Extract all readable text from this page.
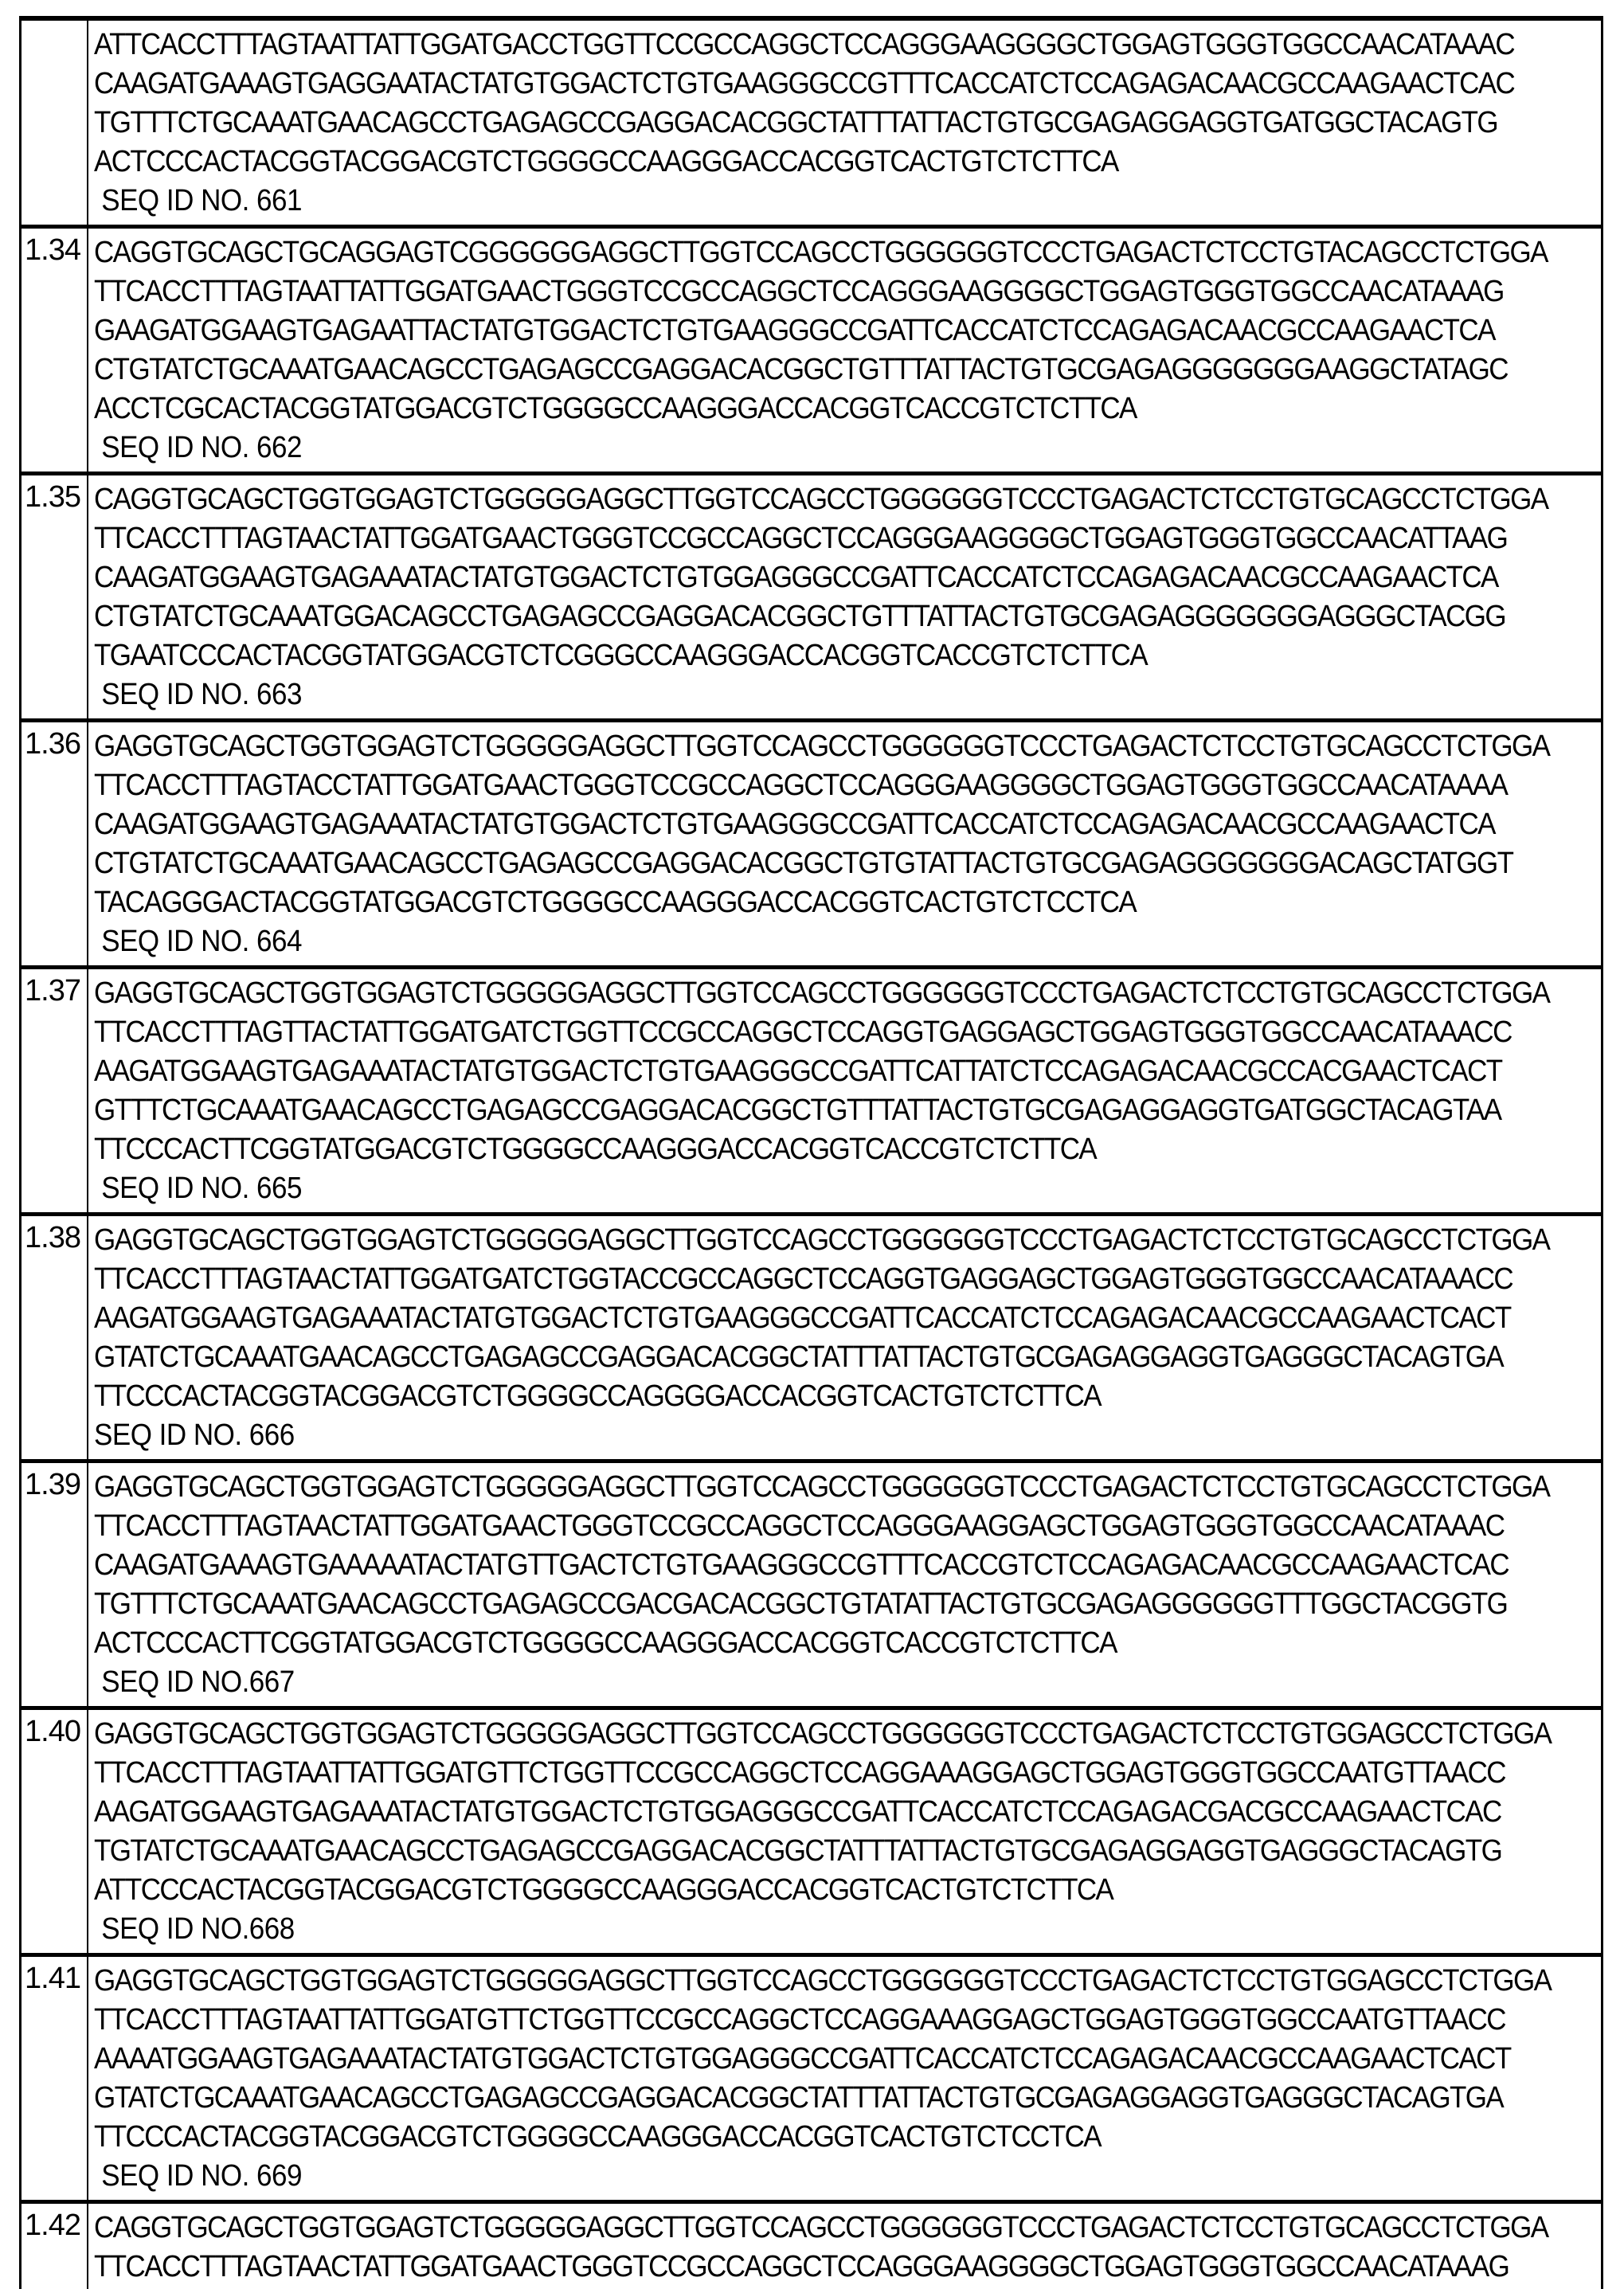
ATTCACCTTTAGTAATTATTGGATGACCTGGTTCCGCCAGGCTCCAGGGAAGGGGCTGGAGTGGGTGGCCAACATAAAC
CAAGATGAAAGTGAGGAATACTATGTGGACTCTGTGAAGGGCCGTTTCACCATCTCCAGAGACAACGCCAAGAACTCAC
TGTTTCTGCAAATGAACAGCCTGAGAGCCGAGGACACGGCTATTTATTACTGTGCGAGAGGAGGTGATGGCTACAGTG
ACTCCCACTACGGTACGGACGTCTGGGGCCAAGGGACCACGGTCACTGTCTCTTCA
SEQ ID NO. 661
1.34 CAGGTGCAGCTGCAGGAGTCGGGGGGAGGCTTGGTCCAGCCTGGGGGGTCCCTGAGACTCTCCTGTACAGCCTCTGGA
TTCACCTTTAGTAATTATTGGATGAACTGGGTCCGCCAGGCTCCAGGGAAGGGGCTGGAGTGGGTGGCCAACATAAAG
GAAGATGGAAGTGAGAATTACTATGTGGACTCTGTGAAGGGCCGATTCACCATCTCCAGAGACAACGCCAAGAACTCA
CTGTATCTGCAAATGAACAGCCTGAGAGCCGAGGACACGGCTGTTTATTACTGTGCGAGAGGGGGGGAAGGCTATAGC
ACCTCGCACTACGGTATGGACGTCTGGGGCCAAGGGACCACGGTCACCGTCTCTTCA
SEQ ID NO. 662
1.35 CAGGTGCAGCTGGTGGAGTCTGGGGGAGGCTTGGTCCAGCCTGGGGGGTCCCTGAGACTCTCCTGTGCAGCCTCTGGA
TTCACCTTTAGTAACTATTGGATGAACTGGGTCCGCCAGGCTCCAGGGAAGGGGCTGGAGTGGGTGGCCAACATTAAG
CAAGATGGAAGTGAGAAATACTATGTGGACTCTGTGGAGGGCCGATTCACCATCTCCAGAGACAACGCCAAGAACTCA
CTGTATCTGCAAATGGACAGCCTGAGAGCCGAGGACACGGCTGTTTATTACTGTGCGAGAGGGGGGGAGGGCTACGG
TGAATCCCACTACGGTATGGACGTCTCGGGCCAAGGGACCACGGTCACCGTCTCTTCA
SEQ ID NO. 663
1.36 GAGGTGCAGCTGGTGGAGTCTGGGGGAGGCTTGGTCCAGCCTGGGGGGTCCCTGAGACTCTCCTGTGCAGCCTCTGGA
TTCACCTTTAGTACCTATTGGATGAACTGGGTCCGCCAGGCTCCAGGGAAGGGGCTGGAGTGGGTGGCCAACATAAAA
CAAGATGGAAGTGAGAAATACTATGTGGACTCTGTGAAGGGCCGATTCACCATCTCCAGAGACAACGCCAAGAACTCA
CTGTATCTGCAAATGAACAGCCTGAGAGCCGAGGACACGGCTGTGTATTACTGTGCGAGAGGGGGGGACAGCTATGGT
TACAGGGACTACGGTATGGACGTCTGGGGCCAAGGGACCACGGTCACTGTCTCCTCA
SEQ ID NO. 664
1.37 GAGGTGCAGCTGGTGGAGTCTGGGGGAGGCTTGGTCCAGCCTGGGGGGTCCCTGAGACTCTCCTGTGCAGCCTCTGGA
TTCACCTTTAGTTACTATTGGATGATCTGGTTCCGCCAGGCTCCAGGTGAGGAGCTGGAGTGGGTGGCCAACATAAACC
AAGATGGAAGTGAGAAATACTATGTGGACTCTGTGAAGGGCCGATTCATTATCTCCAGAGACAACGCCACGAACTCACT
GTTTCTGCAAATGAACAGCCTGAGAGCCGAGGACACGGCTGTTTATTACTGTGCGAGAGGAGGTGATGGCTACAGTAA
TTCCCACTTCGGTATGGACGTCTGGGGCCAAGGGACCACGGTCACCGTCTCTTCA
SEQ ID NO. 665
1.38 GAGGTGCAGCTGGTGGAGTCTGGGGGAGGCTTGGTCCAGCCTGGGGGGTCCCTGAGACTCTCCTGTGCAGCCTCTGGA
TTCACCTTTAGTAACTATTGGATGATCTGGTACCGCCAGGCTCCAGGTGAGGAGCTGGAGTGGGTGGCCAACATAAACC
AAGATGGAAGTGAGAAATACTATGTGGACTCTGTGAAGGGCCGATTCACCATCTCCAGAGACAACGCCAAGAACTCACT
GTATCTGCAAATGAACAGCCTGAGAGCCGAGGACACGGCTATTTATTACTGTGCGAGAGGAGGTGAGGGCTACAGTGA
TTCCCACTACGGTACGGACGTCTGGGGCCAGGGGACCACGGTCACTGTCTCTTCA
SEQ ID NO. 666
1.39 GAGGTGCAGCTGGTGGAGTCTGGGGGAGGCTTGGTCCAGCCTGGGGGGTCCCTGAGACTCTCCTGTGCAGCCTCTGGA
TTCACCTTTAGTAACTATTGGATGAACTGGGTCCGCCAGGCTCCAGGGAAGGAGCTGGAGTGGGTGGCCAACATAAAC
CAAGATGAAAGTGAAAAATACTATGTTGACTCTGTGAAGGGCCGTTTCACCGTCTCCAGAGACAACGCCAAGAACTCAC
TGTTTCTGCAAATGAACAGCCTGAGAGCCGACGACACGGCTGTATATTACTGTGCGAGAGGGGGGTTTGGCTACGGTG
ACTCCCACTTCGGTATGGACGTCTGGGGCCAAGGGACCACGGTCACCGTCTCTTCA
SEQ ID NO.667
1.40 GAGGTGCAGCTGGTGGAGTCTGGGGGAGGCTTGGTCCAGCCTGGGGGGTCCCTGAGACTCTCCTGTGGAGCCTCTGGA
TTCACCTTTAGTAATTATTGGATGTTCTGGTTCCGCCAGGCTCCAGGAAAGGAGCTGGAGTGGGTGGCCAATGTTAACC
AAGATGGAAGTGAGAAATACTATGTGGACTCTGTGGAGGGCCGATTCACCATCTCCAGAGACGACGCCAAGAACTCAC
TGTATCTGCAAATGAACAGCCTGAGAGCCGAGGACACGGCTATTTATTACTGTGCGAGAGGAGGTGAGGGCTACAGTG
ATTCCCACTACGGTACGGACGTCTGGGGCCAAGGGACCACGGTCACTGTCTCTTCA
SEQ ID NO.668
1.41 GAGGTGCAGCTGGTGGAGTCTGGGGGAGGCTTGGTCCAGCCTGGGGGGTCCCTGAGACTCTCCTGTGGAGCCTCTGGA
TTCACCTTTAGTAATTATTGGATGTTCTGGTTCCGCCAGGCTCCAGGAAAGGAGCTGGAGTGGGTGGCCAATGTTAACC
AAAATGGAAGTGAGAAATACTATGTGGACTCTGTGGAGGGCCGATTCACCATCTCCAGAGACAACGCCAAGAACTCACT
GTATCTGCAAATGAACAGCCTGAGAGCCGAGGACACGGCTATTTATTACTGTGCGAGAGGAGGTGAGGGCTACAGTGA
TTCCCACTACGGTACGGACGTCTGGGGCCAAGGGACCACGGTCACTGTCTCCTCA
SEQ ID NO. 669
1.42 CAGGTGCAGCTGGTGGAGTCTGGGGGAGGCTTGGTCCAGCCTGGGGGGTCCCTGAGACTCTCCTGTGCAGCCTCTGGA
TTCACCTTTAGTAACTATTGGATGAACTGGGTCCGCCAGGCTCCAGGGAAGGGGCTGGAGTGGGTGGCCAACATAAAG
